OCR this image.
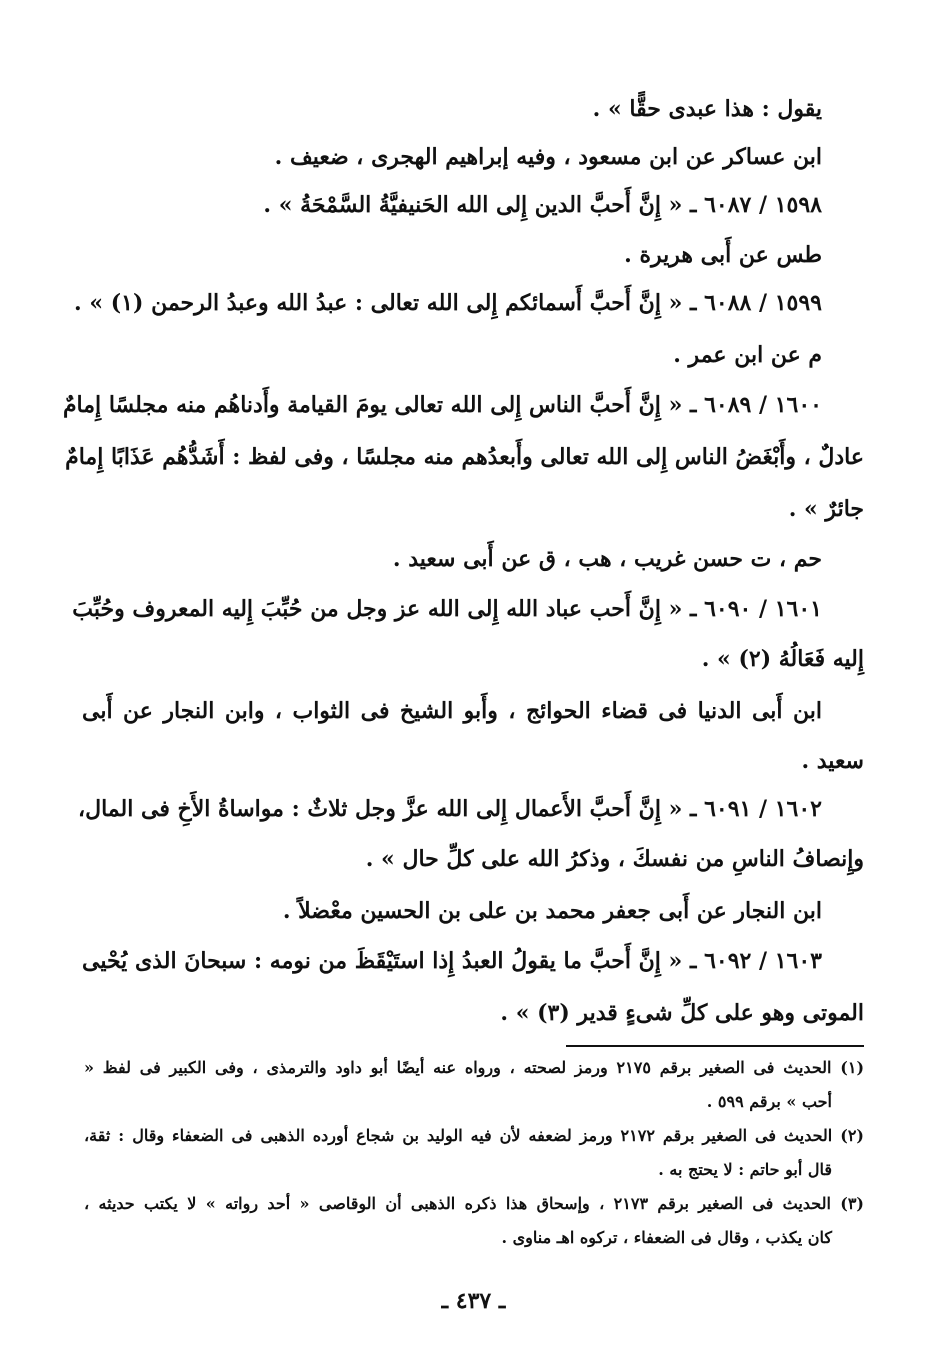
يقول : هذا عبدى حقًّا » .
ابن عساكر عن ابن مسعود ، وفيه إبراهيم الهجرى ، ضعيف .
١٥٩٨ / ٦٠٨٧ ـ « إِنَّ أَحبَّ الدين إِلى الله الحَنيفيَّةُ السَّمْحَةُ » .
طس عن أَبى هريرة .
١٥٩٩ / ٦٠٨٨ ـ « إِنَّ أَحبَّ أَسمائكم إِلى الله تعالى : عبدُ الله وعبدُ الرحمن (١) » .
م عن ابن عمر .
١٦٠٠ / ٦٠٨٩ ـ « إِنَّ أَحبَّ الناس إِلى الله تعالى يومَ القيامة وأَدناهُم منه مجلسًا إِمامٌ
عادلٌ ، وأَبْغَضُ الناس إِلى الله تعالى وأَبعدُهم منه مجلسًا ، وفى لفظ : أَشَدُّهُم عَذَابًا إِمامٌ
جائرٌ » .
حم ، ت حسن غريب ، هب ، ق عن أَبى سعيد .
١٦٠١ / ٦٠٩٠ ـ « إِنَّ أَحب عباد الله إِلى الله عز وجل من حُبِّبَ إِليه المعروف وحُبِّبَ
إِليه فَعَالُهُ (٢) » .
ابن أَبى الدنيا فى قضاء الحوائج ، وأَبو الشيخ فى الثواب ، وابن النجار عن أَبى
سعيد .
١٦٠٢ / ٦٠٩١ ـ « إِنَّ أَحبَّ الأَعمال إِلى الله عزَّ وجل ثلاثٌ : مواساةُ الأَخِ فى المال،
وإِنصافُ الناسِ من نفسكَ ، وذكرُ الله على كلِّ حال » .
ابن النجار عن أَبى جعفر محمد بن على بن الحسين معْضلاً .
١٦٠٣ / ٦٠٩٢ ـ « إِنَّ أَحبَّ ما يقولُ العبدُ إِذا استَيْقَظَ من نومه : سبحانَ الذى يُحْيى
الموتى وهو على كلِّ شىءٍ قدير (٣) » .
(١) الحديث فى الصغير برقم ٢١٧٥ ورمز لصحته ، ورواه عنه أيضًا أبو داود والترمذى ، وفى الكبير فى لفظ «
أحب » برقم ٥٩٩ .
(٢) الحديث فى الصغير برقم ٢١٧٢ ورمز لضعفه لأن فيه الوليد بن شجاع أورده الذهبى فى الضعفاء وقال : ثقة،
قال أبو حاتم : لا يحتج به .
(٣) الحديث فى الصغير برقم ٢١٧٣ ، وإسحاق هذا ذكره الذهبى أن الوقاصى « أحد رواته » لا يكتب حديثه ،
كان يكذب ، وقال فى الضعفاء ، تركوه اهـ مناوى .
ـ ٤٣٧ ـ
